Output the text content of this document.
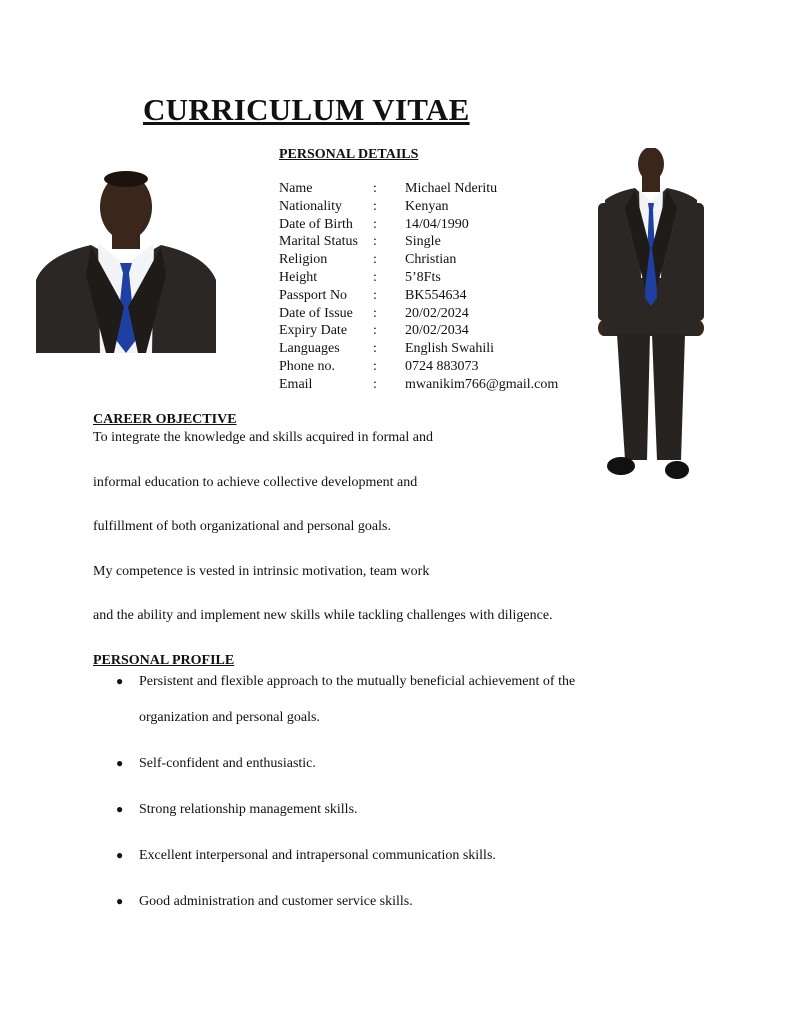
CURRICULUM VITAE
PERSONAL DETAILS
Name	: Michael Nderitu
Nationality : Kenyan
Date of Birth : 14/04/1990
Marital Status : Single
Religion	: Christian
Height	: 5’8Fts
Passport No : BK554634
Date of Issue : 20/02/2024
Expiry Date : 20/02/2034
Languages : English Swahili
Phone no.	: 0724 883073
Email	: mwanikim766@gmail.com
CAREER OBJECTIVE

To integrate the knowledge and skills acquired in formal and

informal education to achieve collective development and

fulfillment of both organizational and personal goals.

My competence is vested in intrinsic motivation, team work

and the ability and implement new skills while tackling challenges with diligence.

PERSONAL PROFILE
● Persistent and flexible approach to the mutually beneficial achievement of the
organization and personal goals.
● Self-confident and enthusiastic.
● Strong relationship management skills.
● Excellent interpersonal and intrapersonal communication skills.
● Good administration and customer service skills.
